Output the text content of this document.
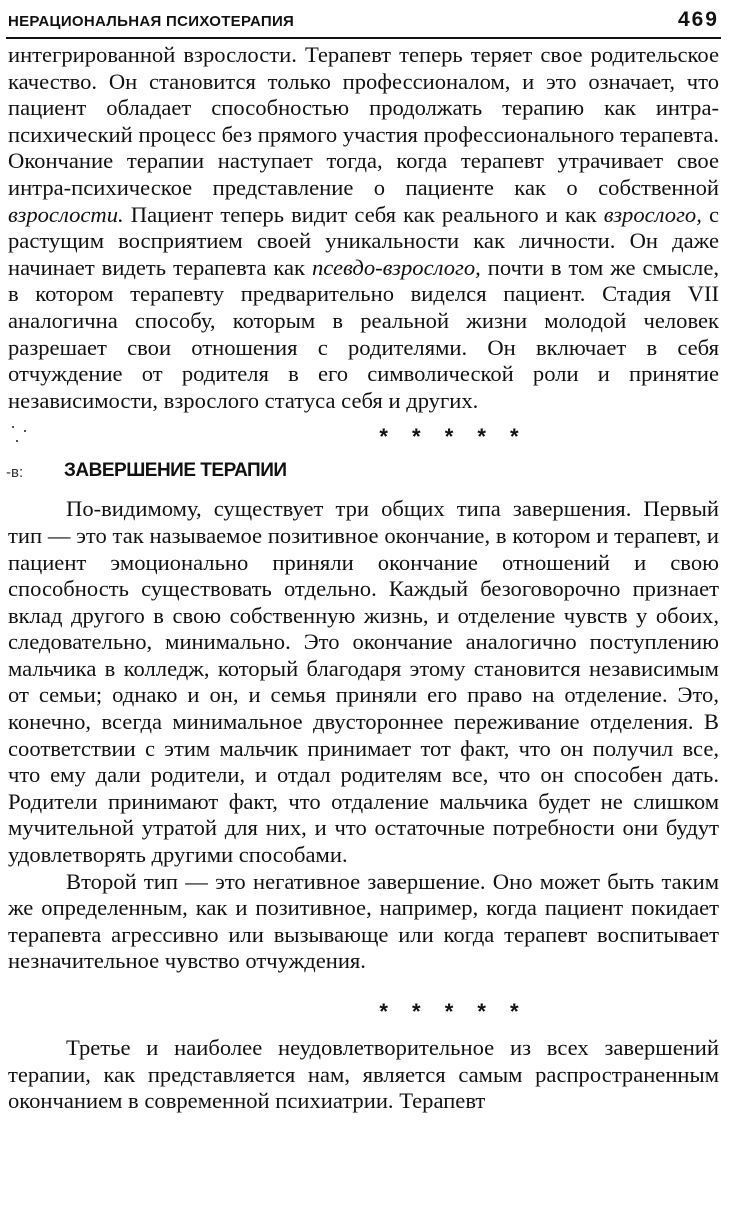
НЕРАЦИОНАЛЬНАЯ ПСИХОТЕРАПИЯ	469

интегрированной взрослости. Терапевт теперь теряет свое родительское качество. Он становится только профессионалом, и это означает, что пациент обладает способностью продолжать терапию как интра-психический процесс без прямого участия профессионального терапевта. Окончание терапии наступает тогда, когда терапевт утрачивает свое интра-психическое представление о пациенте как о собственной взрослости. Пациент теперь видит себя как реального и как взрослого, с растущим восприятием своей уникальности как личности. Он даже начинает видеть терапевта как псевдо-взрослого, почти в том же смысле, в котором терапевту предварительно виделся пациент. Стадия VII аналогична способу, которым в реальной жизни молодой человек разрешает свои отношения с родителями. Он включает в себя отчуждение от родителя в его символической роли и принятие независимости, взрослого статуса себя и других.

* * * * *
-в: ЗАВЕРШЕНИЕ ТЕРАПИИ

По-видимому, существует три общих типа завершения. Первый тип — это так называемое позитивное окончание, в котором и терапевт, и пациент эмоционально приняли окончание отношений и свою способность существовать отдельно. Каждый безоговорочно признает вклад другого в свою собственную жизнь, и отделение чувств у обоих, следовательно, минимально. Это окончание аналогично поступлению мальчика в колледж, который благодаря этому становится независимым от семьи; однако и он, и семья приняли его право на отделение. Это, конечно, всегда минимальное двустороннее переживание отделения. В соответствии с этим мальчик принимает тот факт, что он получил все, что ему дали родители, и отдал родителям все, что он способен дать. Родители принимают факт, что отдаление мальчика будет не слишком мучительной утратой для них, и что остаточные потребности они будут удовлетворять другими способами.

Второй тип — это негативное завершение. Оно может быть таким же определенным, как и позитивное, например, когда пациент покидает терапевта агрессивно или вызывающе или когда терапевт воспитывает незначительное чувство отчуждения.

* * * * *

Третье и наиболее неудовлетворительное из всех завершений терапии, как представляется нам, является самым распространенным окончанием в современной психиатрии. Терапевт
